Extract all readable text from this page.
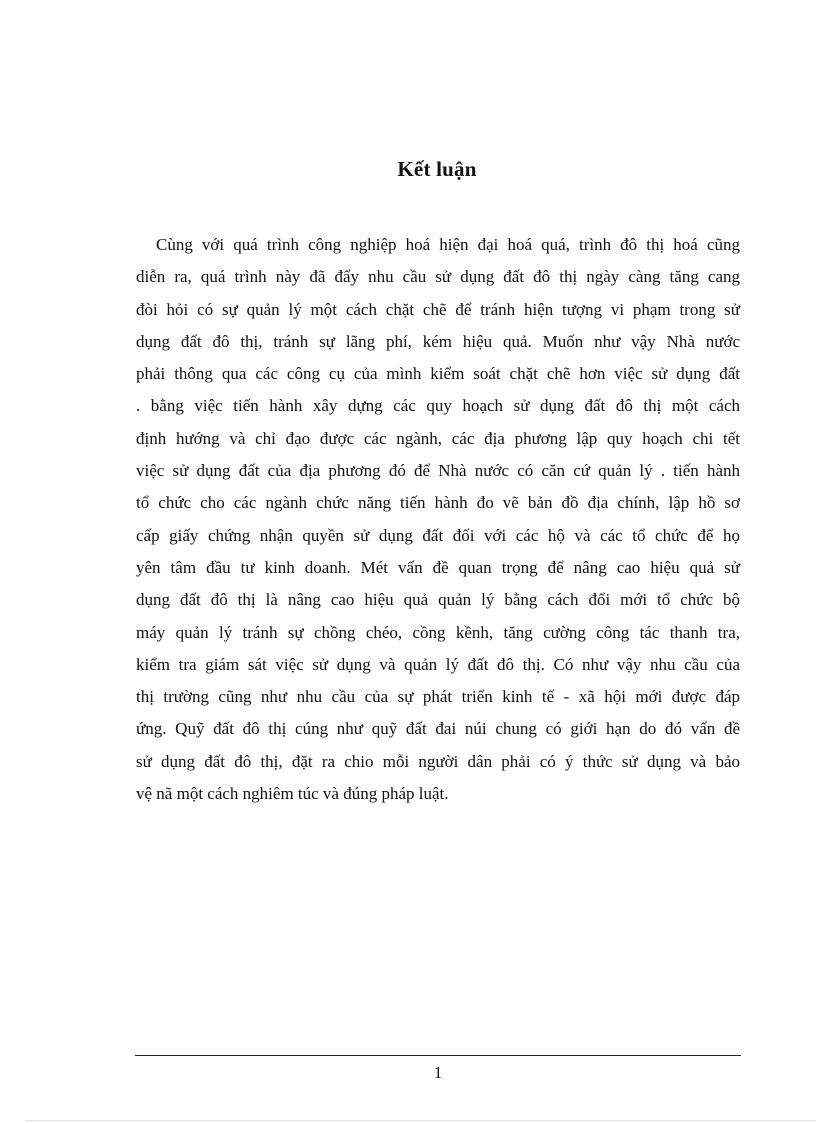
Kết luận
Cùng với quá trình công nghiệp hoá hiện đại hoá quá, trình đô thị hoá cũng
diễn ra, quá trình này đã đẩy nhu cầu sử dụng đất đô thị ngày càng tăng cang
đòi hỏi có sự quản lý một cách chặt chẽ để tránh hiện tượng vi phạm trong sử
dụng đất đô thị, tránh sự lãng phí, kém hiệu quả. Muốn như vậy Nhà nước
phải thông qua các công cụ của mình kiểm soát chặt chẽ hơn việc sử dụng đất
. bằng việc tiến hành xây dựng các quy hoạch sử dụng đất đô thị một cách
định hướng và chỉ đạo được các ngành, các địa phương lập quy hoạch chi tết
việc sử dụng đất của địa phương đó để Nhà nước có căn cứ quản lý . tiến hành
tổ chức cho các ngành chức năng tiến hành đo vẽ bản đồ địa chính, lập hồ sơ
cấp giấy chứng nhận quyền sử dụng đất đối với các hộ và các tổ chức để họ
yên tâm đầu tư kinh doanh. Mét vấn đề quan trọng để nâng cao hiệu quả sử
dụng đất đô thị là nâng cao hiệu quả quản lý bằng cách đổi mới tổ chức bộ
máy quản lý tránh sự chồng chéo, cồng kềnh, tăng cường công tác thanh tra,
kiểm tra giám sát việc sử dụng và quản lý đất đô thị. Có như vậy nhu cầu của
thị trường cũng như nhu cầu của sự phát triển kinh tế - xã hội mới được đáp
ứng. Quỹ đất đô thị cúng như quỹ đất đai núi chung có giới hạn do đó vấn đề
sử dụng đất đô thị, đặt ra chio mỗi người dân phải có ý thức sử dụng và bảo
vệ nã một cách nghiêm túc và đúng pháp luật.

1
